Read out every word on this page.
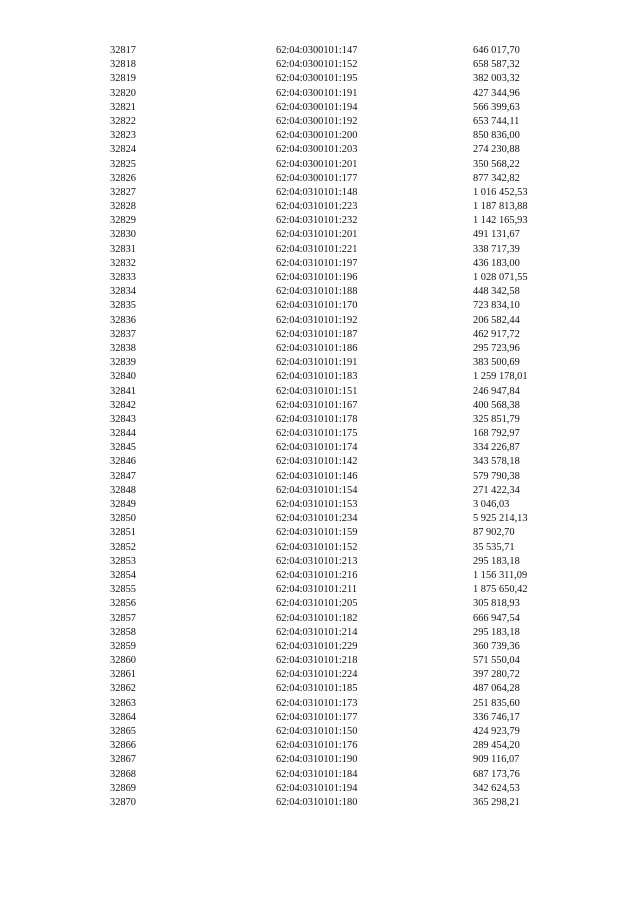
32817	62:04:0300101:147	646 017,70
32818	62:04:0300101:152	658 587,32
32819	62:04:0300101:195	382 003,32
32820	62:04:0300101:191	427 344,96
32821	62:04:0300101:194	566 399,63
32822	62:04:0300101:192	653 744,11
32823	62:04:0300101:200	850 836,00
32824	62:04:0300101:203	274 230,88
32825	62:04:0300101:201	350 568,22
32826	62:04:0300101:177	877 342,82
32827	62:04:0310101:148	1 016 452,53
32828	62:04:0310101:223	1 187 813,88
32829	62:04:0310101:232	1 142 165,93
32830	62:04:0310101:201	491 131,67
32831	62:04:0310101:221	338 717,39
32832	62:04:0310101:197	436 183,00
32833	62:04:0310101:196	1 028 071,55
32834	62:04:0310101:188	448 342,58
32835	62:04:0310101:170	723 834,10
32836	62:04:0310101:192	206 582,44
32837	62:04:0310101:187	462 917,72
32838	62:04:0310101:186	295 723,96
32839	62:04:0310101:191	383 500,69
32840	62:04:0310101:183	1 259 178,01
32841	62:04:0310101:151	246 947,84
32842	62:04:0310101:167	400 568,38
32843	62:04:0310101:178	325 851,79
32844	62:04:0310101:175	168 792,97
32845	62:04:0310101:174	334 226,87
32846	62:04:0310101:142	343 578,18
32847	62:04:0310101:146	579 790,38
32848	62:04:0310101:154	271 422,34
32849	62:04:0310101:153	3 046,03
32850	62:04:0310101:234	5 925 214,13
32851	62:04:0310101:159	87 902,70
32852	62:04:0310101:152	35 535,71
32853	62:04:0310101:213	295 183,18
32854	62:04:0310101:216	1 156 311,09
32855	62:04:0310101:211	1 875 650,42
32856	62:04:0310101:205	305 818,93
32857	62:04:0310101:182	666 947,54
32858	62:04:0310101:214	295 183,18
32859	62:04:0310101:229	360 739,36
32860	62:04:0310101:218	571 550,04
32861	62:04:0310101:224	397 280,72
32862	62:04:0310101:185	487 064,28
32863	62:04:0310101:173	251 835,60
32864	62:04:0310101:177	336 746,17
32865	62:04:0310101:150	424 923,79
32866	62:04:0310101:176	289 454,20
32867	62:04:0310101:190	909 116,07
32868	62:04:0310101:184	687 173,76
32869	62:04:0310101:194	342 624,53
32870	62:04:0310101:180	365 298,21
